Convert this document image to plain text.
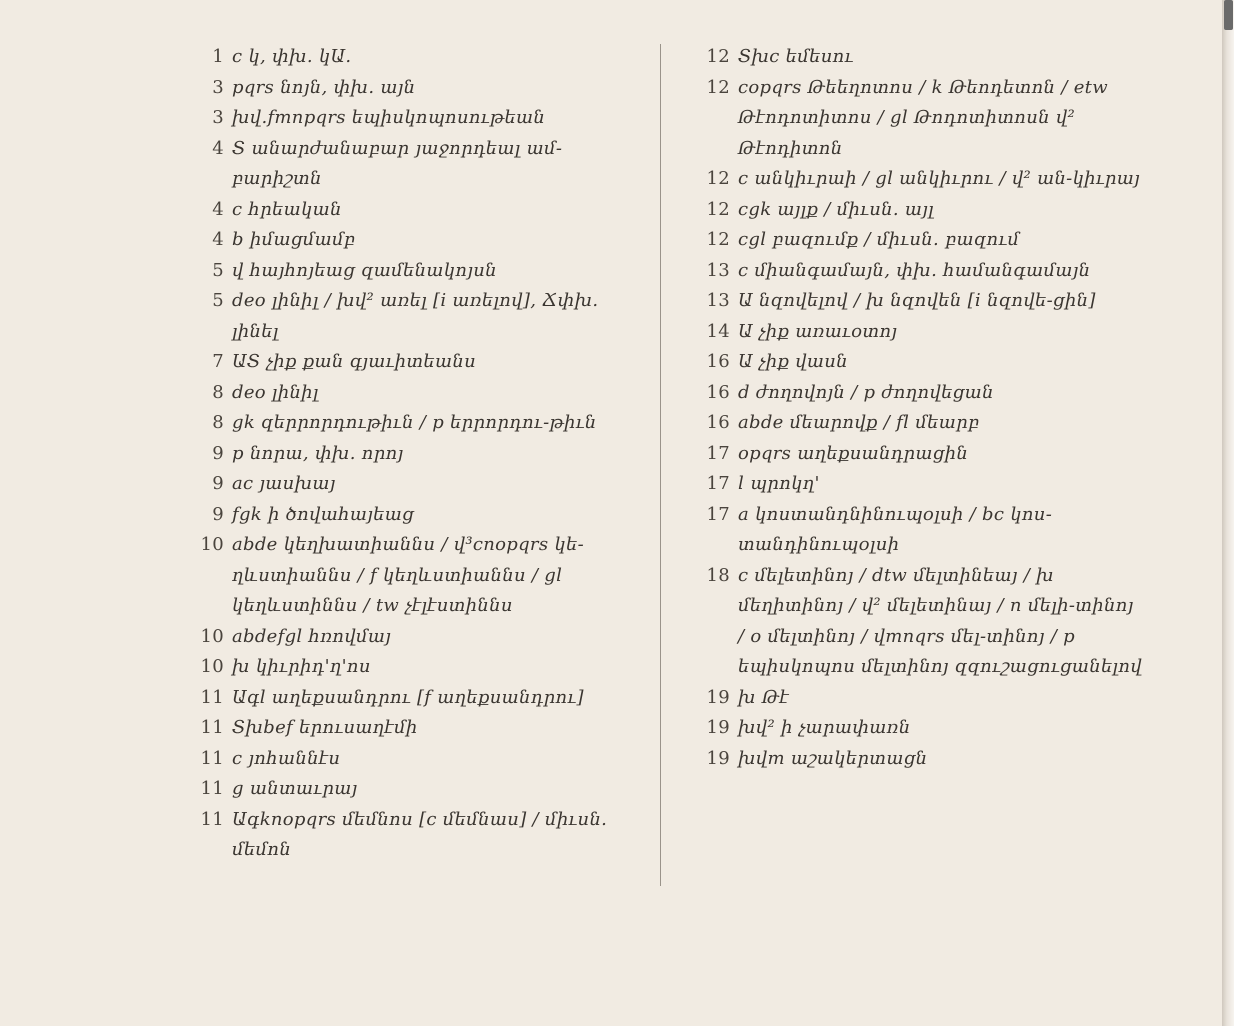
1 c կ, փխ. կԱ.
3 pqrs նոյն, փխ. այն
3 խվ.fmnpqrs եպիսկոպոսութեան
4 Տ անարժանաբար յաջորդեալ ամ-բարիշտն
4 c հրեական
4 b իմացմամբ
5 վ հայհոյեաց զամենակոյսն
5 deo լինիլ / խվ² առել [i առելով], Ճփխ. լինել
7 ԱՏ չիք քան գյաւիտեանս
8 deo լինիլ
8 gk զերրորդութիւն / p երրորդու-թիւն
9 p նորա, փխ. որոյ
9 ac յասխայ
9 fgk ի ծովահայեաց
10 abde կեղխատիաննս / վ³cnopqrs կե-ղևստիաննս / f կեղևստիաննս / gl կեղևստիննս / tw չէլէստիննս
10 abdefgl հռովմայ
10 խ կիւրիդ'ղ'ոս
11 Ագl աղեքսանդրու [f աղեքսանդրու]
11 Տխbef երուսաղէմի
11 c յոհաննէս
11 g անտաւրայ
11 Ագknopqrs մեմնոս [c մեմնաս] / միւսն. մեմոն
12 Տխc եմեսու
12 copqrs Թեեղոտոս / k Թեոդետոն / etw Թէոդոտիտոս / gl Թոդոտիտոսն վ² Թէոդիտոն
12 c անկիւրաի / gl անկիւրու / վ² ան-կիւրայ
12 cgk այլք / միւսն. այլ
12 cgl բազումք / միւսն. բազում
13 c միանգամայն, փխ. համանգամայն
13 Ա նզովելով / խ նզովեն [i նզովե-ցին]
14 Ա չիք առաւօտոյ
16 Ա չիք վասն
16 d ժողովոյն / p ժողովեցան
16 abde մեարովք / fl մեարբ
17 opqrs աղեքսանդրացին
17 l պրոկղ'
17 a կոստանդնինուպօլսի / bc կոս-տանդինուպօլսի
18 c մելետինոյ / dtw մելտինեայ / խ մեղիտինոյ / վ² մելետինայ / n մելի-տինոյ / o մելտինոյ / վmnqrs մել-տինոյ / p եպիսկոպոս մելտինոյ զզուշացուցանելով
19 խ Թէ
19 խվ² ի չարափառն
19 խվm աշակերտացն
